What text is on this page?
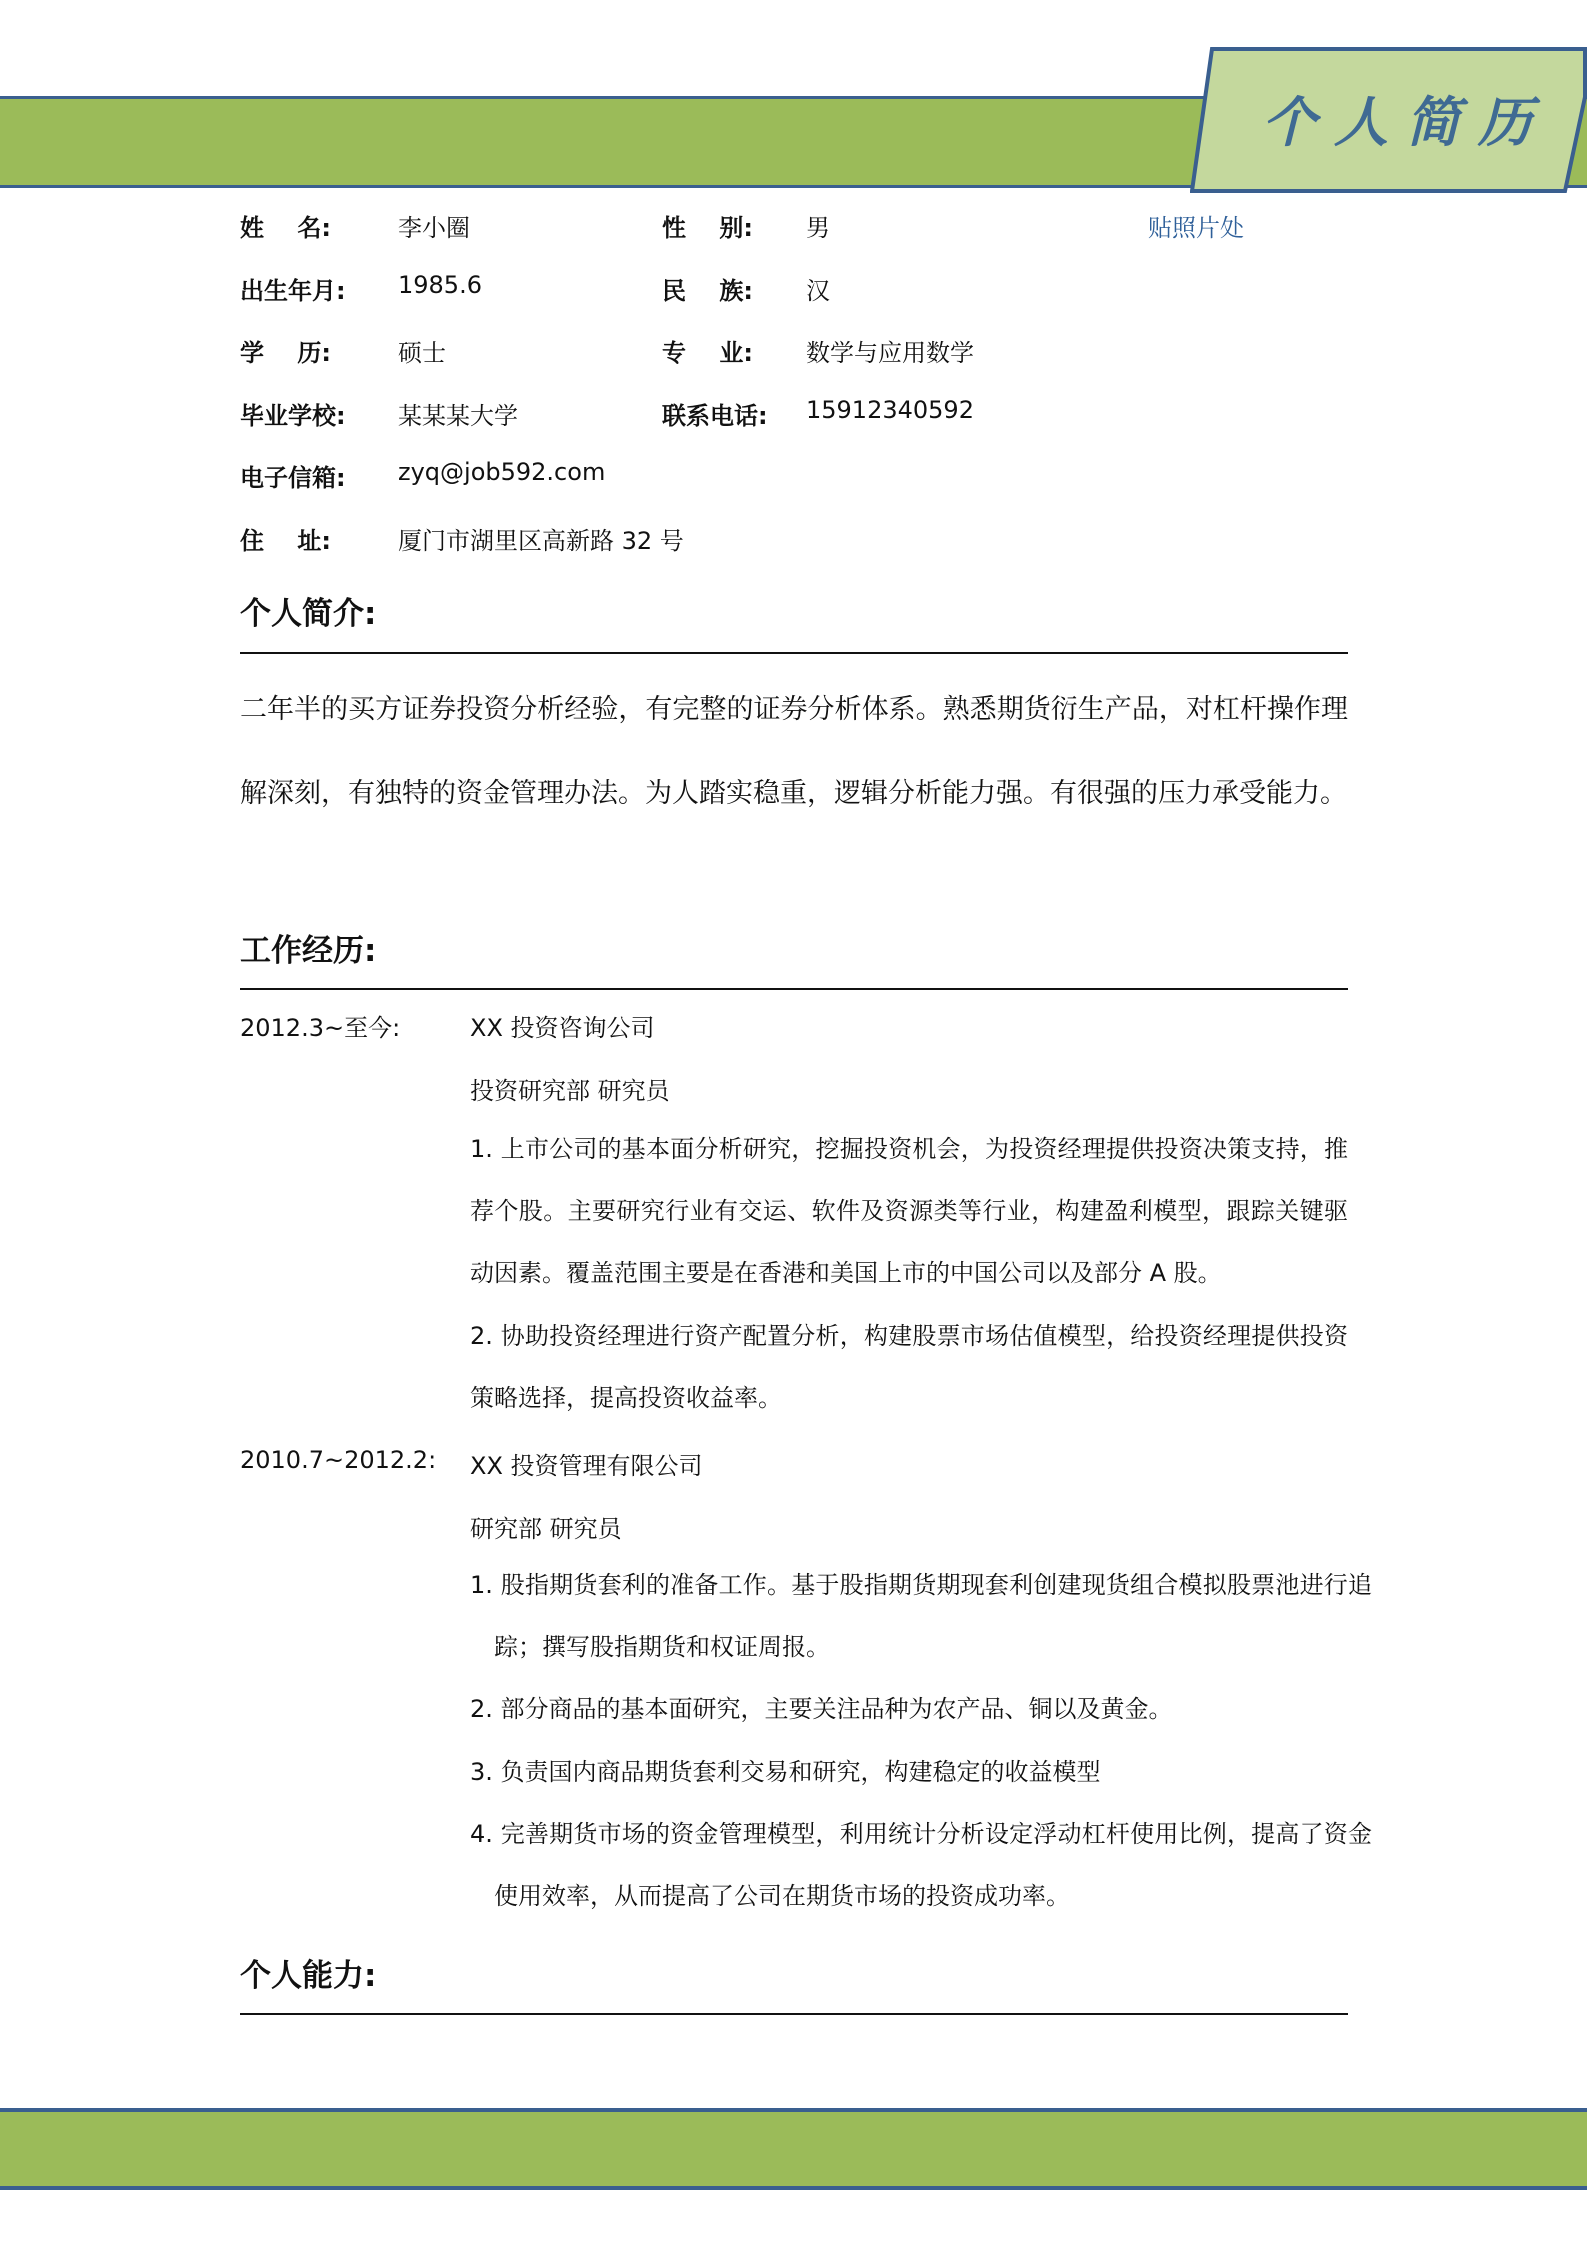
个人简历
贴照片处
姓    名:	李小圈	性    别: 男
出生年月: 1985.6	民    族: 汉
学    历:	硕士	专    业: 数学与应用数学
毕业学校: 某某某大学	联系电话: 15912340592
电子信箱: zyq@job592.com
住    址:	厦门市湖里区高新路 32 号
个人简介:
二年半的买方证券投资分析经验，有完整的证券分析体系。熟悉期货衍生产品，对杠杆操作理解深刻，有独特的资金管理办法。为人踏实稳重，逻辑分析能力强。有很强的压力承受能力。
工作经历:
2012.3~至今:	XX 投资咨询公司
投资研究部 研究员
1. 上市公司的基本面分析研究，挖掘投资机会，为投资经理提供投资决策支持，推荐个股。主要研究行业有交运、软件及资源类等行业，构建盈利模型，跟踪关键驱动因素。覆盖范围主要是在香港和美国上市的中国公司以及部分 A 股。
2. 协助投资经理进行资产配置分析，构建股票市场估值模型，给投资经理提供投资策略选择，提高投资收益率。
2010.7~2012.2: XX 投资管理有限公司
研究部 研究员
1. 股指期货套利的准备工作。基于股指期货期现套利创建现货组合模拟股票池进行追踪；撰写股指期货和权证周报。
2. 部分商品的基本面研究，主要关注品种为农产品、铜以及黄金。
3. 负责国内商品期货套利交易和研究，构建稳定的收益模型
4. 完善期货市场的资金管理模型，利用统计分析设定浮动杠杆使用比例，提高了资金使用效率，从而提高了公司在期货市场的投资成功率。
个人能力:
